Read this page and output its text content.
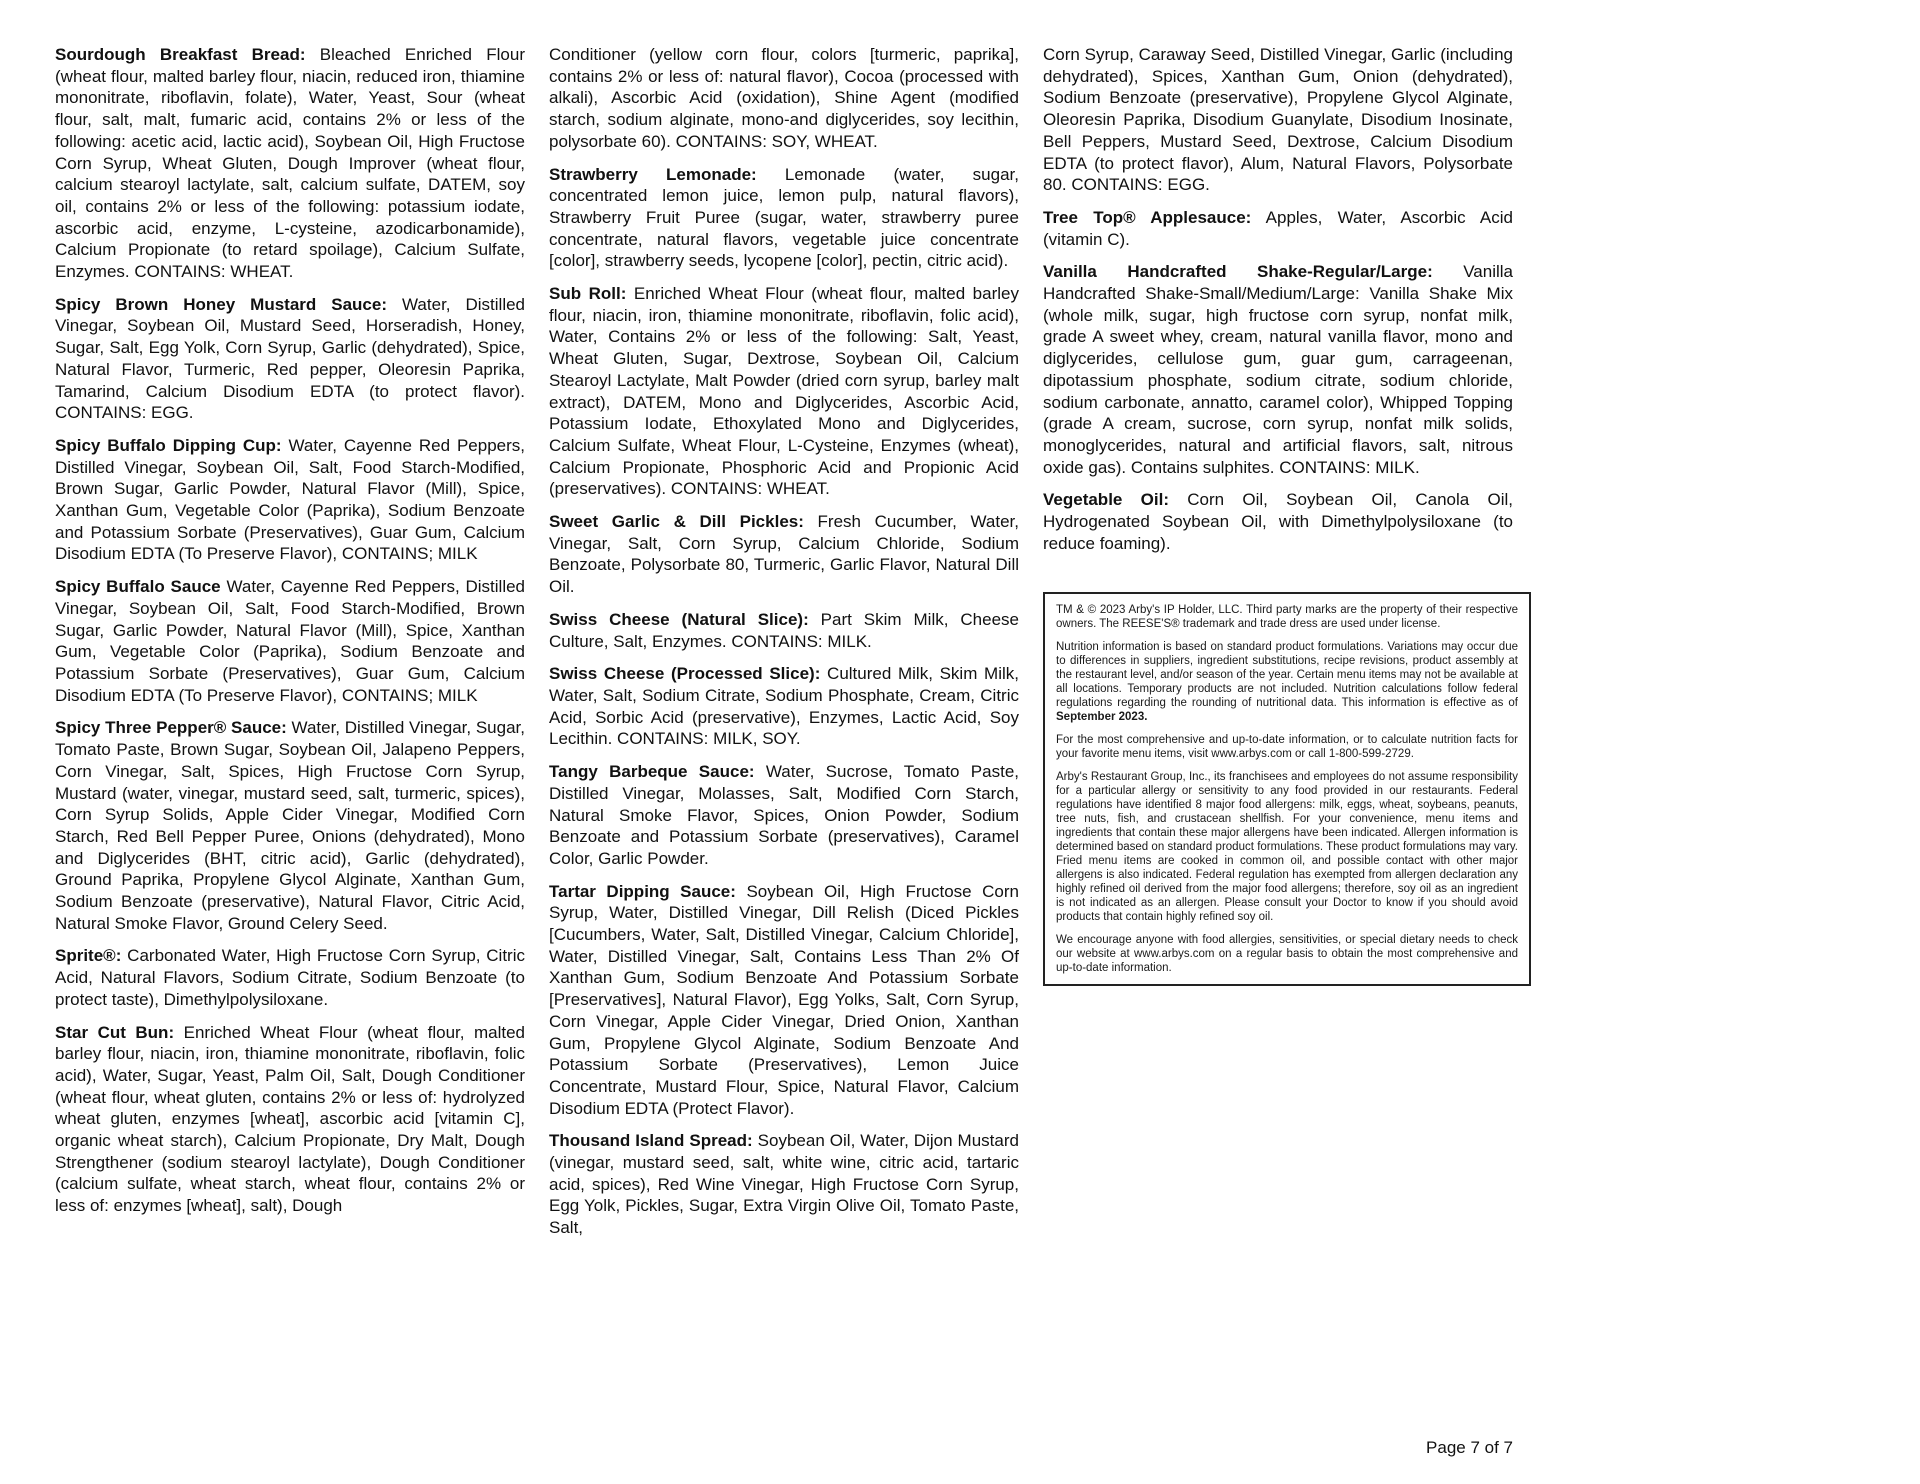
Sourdough Breakfast Bread: Bleached Enriched Flour (wheat flour, malted barley flour, niacin, reduced iron, thiamine mononitrate, riboflavin, folate), Water, Yeast, Sour (wheat flour, salt, malt, fumaric acid, contains 2% or less of the following: acetic acid, lactic acid), Soybean Oil, High Fructose Corn Syrup, Wheat Gluten, Dough Improver (wheat flour, calcium stearoyl lactylate, salt, calcium sulfate, DATEM, soy oil, contains 2% or less of the following: potassium iodate, ascorbic acid, enzyme, L-cysteine, azodicarbonamide), Calcium Propionate (to retard spoilage), Calcium Sulfate, Enzymes. CONTAINS: WHEAT.

Spicy Brown Honey Mustard Sauce: Water, Distilled Vinegar, Soybean Oil, Mustard Seed, Horseradish, Honey, Sugar, Salt, Egg Yolk, Corn Syrup, Garlic (dehydrated), Spice, Natural Flavor, Turmeric, Red pepper, Oleoresin Paprika, Tamarind, Calcium Disodium EDTA (to protect flavor). CONTAINS: EGG.

Spicy Buffalo Dipping Cup: Water, Cayenne Red Peppers, Distilled Vinegar, Soybean Oil, Salt, Food Starch-Modified, Brown Sugar, Garlic Powder, Natural Flavor (Mill), Spice, Xanthan Gum, Vegetable Color (Paprika), Sodium Benzoate and Potassium Sorbate (Preservatives), Guar Gum, Calcium Disodium EDTA (To Preserve Flavor), CONTAINS; MILK

Spicy Buffalo Sauce Water, Cayenne Red Peppers, Distilled Vinegar, Soybean Oil, Salt, Food Starch-Modified, Brown Sugar, Garlic Powder, Natural Flavor (Mill), Spice, Xanthan Gum, Vegetable Color (Paprika), Sodium Benzoate and Potassium Sorbate (Preservatives), Guar Gum, Calcium Disodium EDTA (To Preserve Flavor), CONTAINS; MILK

Spicy Three Pepper® Sauce: Water, Distilled Vinegar, Sugar, Tomato Paste, Brown Sugar, Soybean Oil, Jalapeno Peppers, Corn Vinegar, Salt, Spices, High Fructose Corn Syrup, Mustard (water, vinegar, mustard seed, salt, turmeric, spices), Corn Syrup Solids, Apple Cider Vinegar, Modified Corn Starch, Red Bell Pepper Puree, Onions (dehydrated), Mono and Diglycerides (BHT, citric acid), Garlic (dehydrated), Ground Paprika, Propylene Glycol Alginate, Xanthan Gum, Sodium Benzoate (preservative), Natural Flavor, Citric Acid, Natural Smoke Flavor, Ground Celery Seed.

Sprite®: Carbonated Water, High Fructose Corn Syrup, Citric Acid, Natural Flavors, Sodium Citrate, Sodium Benzoate (to protect taste), Dimethylpolysiloxane.

Star Cut Bun: Enriched Wheat Flour (wheat flour, malted barley flour, niacin, iron, thiamine mononitrate, riboflavin, folic acid), Water, Sugar, Yeast, Palm Oil, Salt, Dough Conditioner (wheat flour, wheat gluten, contains 2% or less of: hydrolyzed wheat gluten, enzymes [wheat], ascorbic acid [vitamin C], organic wheat starch), Calcium Propionate, Dry Malt, Dough Strengthener (sodium stearoyl lactylate), Dough Conditioner (calcium sulfate, wheat starch, wheat flour, contains 2% or less of: enzymes [wheat], salt), Dough

Conditioner (yellow corn flour, colors [turmeric, paprika], contains 2% or less of: natural flavor), Cocoa (processed with alkali), Ascorbic Acid (oxidation), Shine Agent (modified starch, sodium alginate, mono-and diglycerides, soy lecithin, polysorbate 60). CONTAINS: SOY, WHEAT.

Strawberry Lemonade: Lemonade (water, sugar, concentrated lemon juice, lemon pulp, natural flavors), Strawberry Fruit Puree (sugar, water, strawberry puree concentrate, natural flavors, vegetable juice concentrate [color], strawberry seeds, lycopene [color], pectin, citric acid).

Sub Roll: Enriched Wheat Flour (wheat flour, malted barley flour, niacin, iron, thiamine mononitrate, riboflavin, folic acid), Water, Contains 2% or less of the following: Salt, Yeast, Wheat Gluten, Sugar, Dextrose, Soybean Oil, Calcium Stearoyl Lactylate, Malt Powder (dried corn syrup, barley malt extract), DATEM, Mono and Diglycerides, Ascorbic Acid, Potassium Iodate, Ethoxylated Mono and Diglycerides, Calcium Sulfate, Wheat Flour, L-Cysteine, Enzymes (wheat), Calcium Propionate, Phosphoric Acid and Propionic Acid (preservatives). CONTAINS: WHEAT.

Sweet Garlic & Dill Pickles: Fresh Cucumber, Water, Vinegar, Salt, Corn Syrup, Calcium Chloride, Sodium Benzoate, Polysorbate 80, Turmeric, Garlic Flavor, Natural Dill Oil.

Swiss Cheese (Natural Slice): Part Skim Milk, Cheese Culture, Salt, Enzymes. CONTAINS: MILK.

Swiss Cheese (Processed Slice): Cultured Milk, Skim Milk, Water, Salt, Sodium Citrate, Sodium Phosphate, Cream, Citric Acid, Sorbic Acid (preservative), Enzymes, Lactic Acid, Soy Lecithin. CONTAINS: MILK, SOY.

Tangy Barbeque Sauce: Water, Sucrose, Tomato Paste, Distilled Vinegar, Molasses, Salt, Modified Corn Starch, Natural Smoke Flavor, Spices, Onion Powder, Sodium Benzoate and Potassium Sorbate (preservatives), Caramel Color, Garlic Powder.

Tartar Dipping Sauce: Soybean Oil, High Fructose Corn Syrup, Water, Distilled Vinegar, Dill Relish (Diced Pickles [Cucumbers, Water, Salt, Distilled Vinegar, Calcium Chloride], Water, Distilled Vinegar, Salt, Contains Less Than 2% Of Xanthan Gum, Sodium Benzoate And Potassium Sorbate [Preservatives], Natural Flavor), Egg Yolks, Salt, Corn Syrup, Corn Vinegar, Apple Cider Vinegar, Dried Onion, Xanthan Gum, Propylene Glycol Alginate, Sodium Benzoate And Potassium Sorbate (Preservatives), Lemon Juice Concentrate, Mustard Flour, Spice, Natural Flavor, Calcium Disodium EDTA (Protect Flavor).

Thousand Island Spread: Soybean Oil, Water, Dijon Mustard (vinegar, mustard seed, salt, white wine, citric acid, tartaric acid, spices), Red Wine Vinegar, High Fructose Corn Syrup, Egg Yolk, Pickles, Sugar, Extra Virgin Olive Oil, Tomato Paste, Salt,

Corn Syrup, Caraway Seed, Distilled Vinegar, Garlic (including dehydrated), Spices, Xanthan Gum, Onion (dehydrated), Sodium Benzoate (preservative), Propylene Glycol Alginate, Oleoresin Paprika, Disodium Guanylate, Disodium Inosinate, Bell Peppers, Mustard Seed, Dextrose, Calcium Disodium EDTA (to protect flavor), Alum, Natural Flavors, Polysorbate 80. CONTAINS: EGG.

Tree Top® Applesauce: Apples, Water, Ascorbic Acid (vitamin C).

Vanilla Handcrafted Shake-Regular/Large: Vanilla Handcrafted Shake-Small/Medium/Large: Vanilla Shake Mix (whole milk, sugar, high fructose corn syrup, nonfat milk, grade A sweet whey, cream, natural vanilla flavor, mono and diglycerides, cellulose gum, guar gum, carrageenan, dipotassium phosphate, sodium citrate, sodium chloride, sodium carbonate, annatto, caramel color), Whipped Topping (grade A cream, sucrose, corn syrup, nonfat milk solids, monoglycerides, natural and artificial flavors, salt, nitrous oxide gas). Contains sulphites. CONTAINS: MILK.

Vegetable Oil: Corn Oil, Soybean Oil, Canola Oil, Hydrogenated Soybean Oil, with Dimethylpolysiloxane (to reduce foaming).

TM & © 2023 Arby's IP Holder, LLC. Third party marks are the property of their respective owners. The REESE'S® trademark and trade dress are used under license.

Nutrition information is based on standard product formulations. Variations may occur due to differences in suppliers, ingredient substitutions, recipe revisions, product assembly at the restaurant level, and/or season of the year. Certain menu items may not be available at all locations. Temporary products are not included. Nutrition calculations follow federal regulations regarding the rounding of nutritional data. This information is effective as of September 2023.

For the most comprehensive and up-to-date information, or to calculate nutrition facts for your favorite menu items, visit www.arbys.com or call 1-800-599-2729.

Arby's Restaurant Group, Inc., its franchisees and employees do not assume responsibility for a particular allergy or sensitivity to any food provided in our restaurants. Federal regulations have identified 8 major food allergens: milk, eggs, wheat, soybeans, peanuts, tree nuts, fish, and crustacean shellfish. For your convenience, menu items and ingredients that contain these major allergens have been indicated. Allergen information is determined based on standard product formulations. These product formulations may vary. Fried menu items are cooked in common oil, and possible contact with other major allergens is also indicated. Federal regulation has exempted from allergen declaration any highly refined oil derived from the major food allergens; therefore, soy oil as an ingredient is not indicated as an allergen. Please consult your Doctor to know if you should avoid products that contain highly refined soy oil.

We encourage anyone with food allergies, sensitivities, or special dietary needs to check our website at www.arbys.com on a regular basis to obtain the most comprehensive and up-to-date information.

Page 7 of 7
